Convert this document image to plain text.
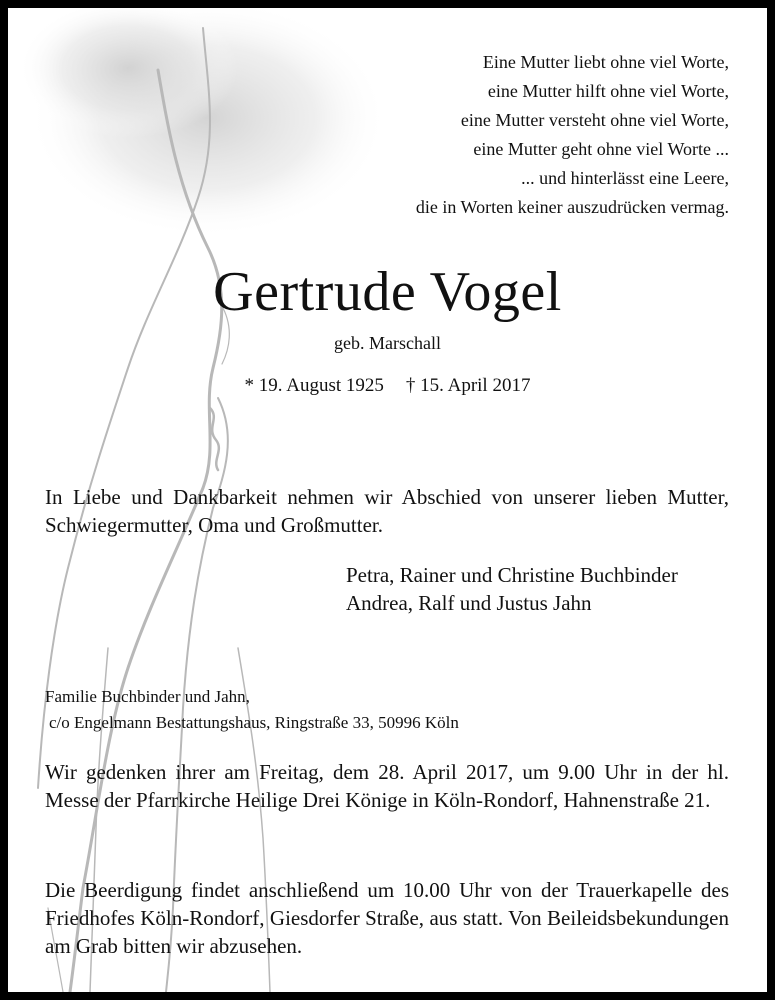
Eine Mutter liebt ohne viel Worte,
eine Mutter hilft ohne viel Worte,
eine Mutter versteht ohne viel Worte,
eine Mutter geht ohne viel Worte ...
... und hinterlässt eine Leere,
die in Worten keiner auszudrücken vermag.
Gertrude Vogel
geb. Marschall
* 19. August 1925 † 15. April 2017
In Liebe und Dankbarkeit nehmen wir Abschied von unserer lieben Mutter, Schwiegermutter, Oma und Großmutter.
Petra, Rainer und Christine Buchbinder
Andrea, Ralf und Justus Jahn
Familie Buchbinder und Jahn,
c/o Engelmann Bestattungshaus, Ringstraße 33, 50996 Köln
Wir gedenken ihrer am Freitag, dem 28. April 2017, um 9.00 Uhr in der hl. Messe der Pfarrkirche Heilige Drei Könige in Köln-Rondorf, Hahnenstraße 21.
Die Beerdigung findet anschließend um 10.00 Uhr von der Trauerkapelle des Friedhofes Köln-Rondorf, Giesdorfer Straße, aus statt. Von Beileidsbekundungen am Grab bitten wir abzusehen.
